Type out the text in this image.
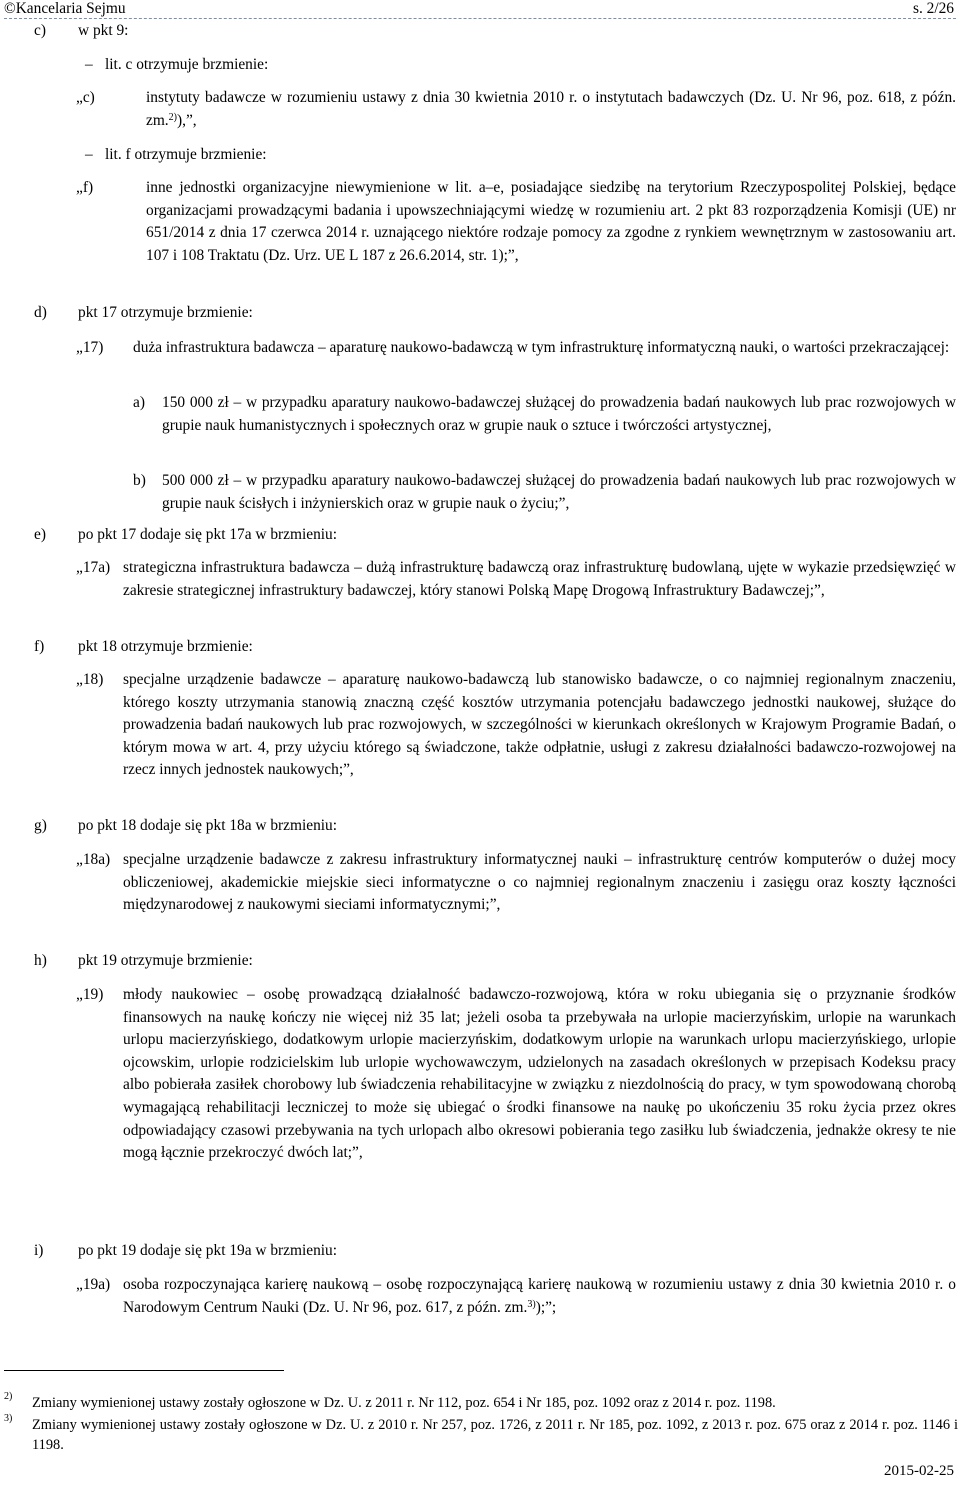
©Kancelaria Sejmu	s. 2/26
c) w pkt 9:
– lit. c otrzymuje brzmienie:
„c)	instytuty badawcze w rozumieniu ustawy z dnia 30 kwietnia 2010 r. o instytutach badawczych (Dz. U. Nr 96, poz. 618, z późn. zm.$^{2)}$),”,
– lit. f otrzymuje brzmienie:
„f)	inne jednostki organizacyjne niewymienione w lit. a–e, posiadające siedzibę na terytorium Rzeczypospolitej Polskiej, będące organizacjami prowadzącymi badania i upowszechniającymi wiedzę w rozumieniu art. 2 pkt 83 rozporządzenia Komisji (UE) nr 651/2014 z dnia 17 czerwca 2014 r. uznającego niektóre rodzaje pomocy za zgodne z rynkiem wewnętrznym w zastosowaniu art. 107 i 108 Traktatu (Dz. Urz. UE L 187 z 26.6.2014, str. 1);”,
d) pkt 17 otrzymuje brzmienie:
„17) duża infrastruktura badawcza – aparaturę naukowo-badawczą w tym infrastrukturę informatyczną nauki, o wartości przekraczającej:
a) 150 000 zł – w przypadku aparatury naukowo-badawczej służącej do prowadzenia badań naukowych lub prac rozwojowych w grupie nauk humanistycznych i społecznych oraz w grupie nauk o sztuce i twórczości artystycznej,
b) 500 000 zł – w przypadku aparatury naukowo-badawczej służącej do prowadzenia badań naukowych lub prac rozwojowych w grupie nauk ścisłych i inżynierskich oraz w grupie nauk o życiu;”,
e) po pkt 17 dodaje się pkt 17a w brzmieniu:
„17a) strategiczna infrastruktura badawcza – dużą infrastrukturę badawczą oraz infrastrukturę budowlaną, ujęte w wykazie przedsięwzięć w zakresie strategicznej infrastruktury badawczej, który stanowi Polską Mapę Drogową Infrastruktury Badawczej;”,
f) pkt 18 otrzymuje brzmienie:
„18) specjalne urządzenie badawcze – aparaturę naukowo-badawczą lub stanowisko badawcze, o co najmniej regionalnym znaczeniu, którego koszty utrzymania stanowią znaczną część kosztów utrzymania potencjału badawczego jednostki naukowej, służące do prowadzenia badań naukowych lub prac rozwojowych, w szczególności w kierunkach określonych w Krajowym Programie Badań, o którym mowa w art. 4, przy użyciu którego są świadczone, także odpłatnie, usługi z zakresu działalności badawczo-rozwojowej na rzecz innych jednostek naukowych;”,
g) po pkt 18 dodaje się pkt 18a w brzmieniu:
„18a) specjalne urządzenie badawcze z zakresu infrastruktury informatycznej nauki – infrastrukturę centrów komputerów o dużej mocy obliczeniowej, akademickie miejskie sieci informatyczne o co najmniej regionalnym znaczeniu i zasięgu oraz koszty łączności międzynarodowej z naukowymi sieciami informatycznymi;”,
h) pkt 19 otrzymuje brzmienie:
„19) młody naukowiec – osobę prowadzącą działalność badawczo-rozwojową, która w roku ubiegania się o przyznanie środków finansowych na naukę kończy nie więcej niż 35 lat; jeżeli osoba ta przebywała na urlopie macierzyńskim, urlopie na warunkach urlopu macierzyńskiego, dodatkowym urlopie macierzyńskim, dodatkowym urlopie na warunkach urlopu macierzyńskiego, urlopie ojcowskim, urlopie rodzicielskim lub urlopie wychowawczym, udzielonych na zasadach określonych w przepisach Kodeksu pracy albo pobierała zasiłek chorobowy lub świadczenia rehabilitacyjne w związku z niezdolnością do pracy, w tym spowodowaną chorobą wymagającą rehabilitacji leczniczej to może się ubiegać o środki finansowe na naukę po ukończeniu 35 roku życia przez okres odpowiadający czasowi przebywania na tych urlopach albo okresowi pobierania tego zasiłku lub świadczenia, jednakże okresy te nie mogą łącznie przekroczyć dwóch lat;”,
i) po pkt 19 dodaje się pkt 19a w brzmieniu:
„19a) osoba rozpoczynająca karierę naukową – osobę rozpoczynającą karierę naukową w rozumieniu ustawy z dnia 30 kwietnia 2010 r. o Narodowym Centrum Nauki (Dz. U. Nr 96, poz. 617, z późn. zm.$^{3)}$);”;
2) Zmiany wymienionej ustawy zostały ogłoszone w Dz. U. z 2011 r. Nr 112, poz. 654 i Nr 185, poz. 1092 oraz z 2014 r. poz. 1198.
3) Zmiany wymienionej ustawy zostały ogłoszone w Dz. U. z 2010 r. Nr 257, poz. 1726, z 2011 r. Nr 185, poz. 1092, z 2013 r. poz. 675 oraz z 2014 r. poz. 1146 i 1198.
2015-02-25
